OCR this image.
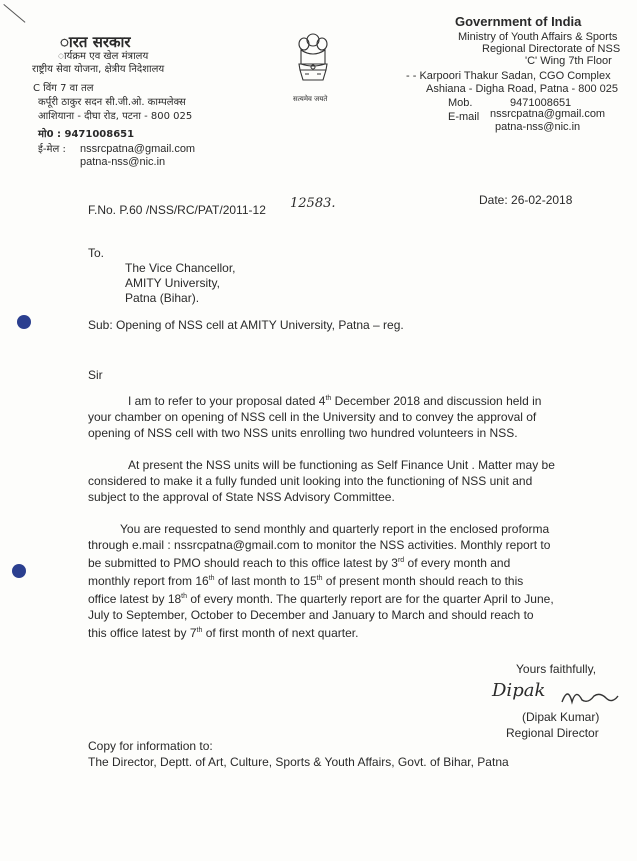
ारत सरकार
ार्यक्रम एव खेल मंत्रालय
राष्ट्रीय सेवा योजना, क्षेत्रीय निदेशालय
C विंग 7 वा तल
कर्पूरी ठाकुर सदन सी.जी.ओ. काम्पलेक्स
आशियाना - दीघा रोड, पटना - 800 025
मो0 : 9471008651
ई-मेल : nssrcpatna@gmail.com
patna-nss@nic.in
सत्यमेव जयते
Government of India
Ministry of Youth Affairs & Sports
Regional Directorate of NSS
'C' Wing 7th Floor
- - Karpoori Thakur Sadan, CGO Complex
Ashiana - Digha Road, Patna - 800 025
Mob.	9471008651
E-mail nssrcpatna@gmail.com
patna-nss@nic.in
F.No. P.60 /NSS/RC/PAT/2011-12 12583.	Date: 26-02-2018
To.
The Vice Chancellor,
AMITY University,
Patna (Bihar).
Sub: Opening of NSS cell at AMITY University, Patna – reg.
Sir
I am to refer to your proposal dated 4th December 2018 and discussion held in
your chamber on opening of NSS cell in the University and to convey the approval of
opening of NSS cell with two NSS units enrolling two hundred volunteers in NSS.
At present the NSS units will be functioning as Self Finance Unit . Matter may be
considered to make it a fully funded unit looking into the functioning of NSS unit and
subject to the approval of State NSS Advisory Committee.
You are requested to send monthly and quarterly report in the enclosed proforma
through e.mail : nssrcpatna@gmail.com to monitor the NSS activities. Monthly report to
be submitted to PMO should reach to this office latest by 3rd of every month and
monthly report from 16th of last month to 15th of present month should reach to this
office latest by 18th of every month. The quarterly report are for the quarter April to June,
July to September, October to December and January to March and should reach to
this office latest by 7th of first month of next quarter.
Yours faithfully,
Dipak
(Dipak Kumar)
Regional Director
Copy for information to:
The Director, Deptt. of Art, Culture, Sports & Youth Affairs, Govt. of Bihar, Patna
